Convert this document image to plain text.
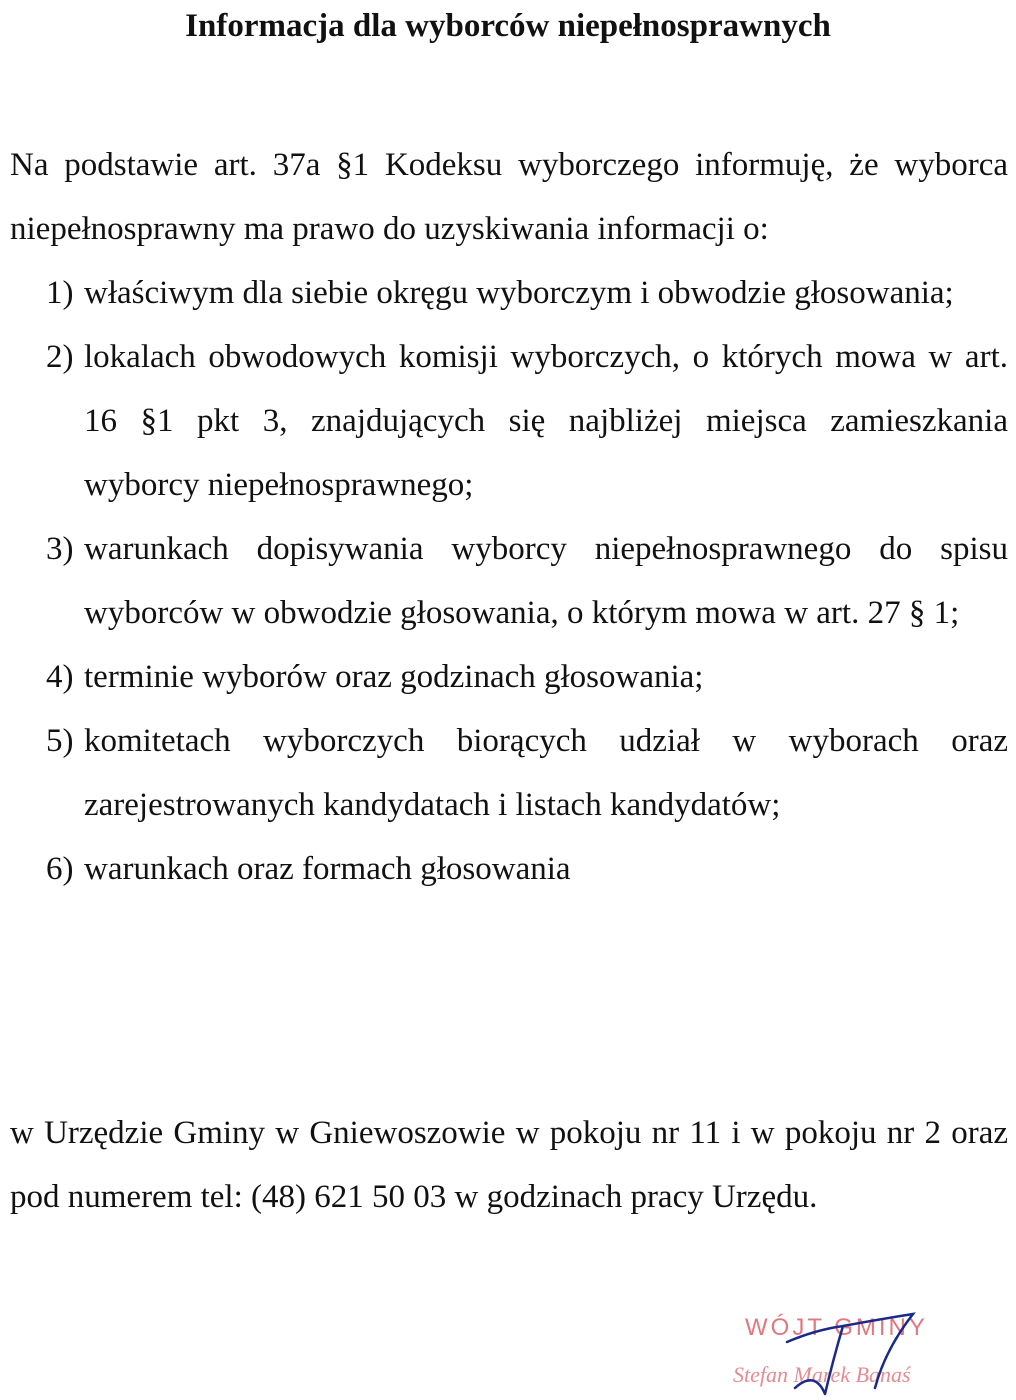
Informacja dla wyborców niepełnosprawnych

Na podstawie art. 37a §1 Kodeksu wyborczego informuję, że wyborca niepełnosprawny ma prawo do uzyskiwania informacji o:

1) właściwym dla siebie okręgu wyborczym i obwodzie głosowania;
2) lokalach obwodowych komisji wyborczych, o których mowa w art. 16 §1 pkt 3, znajdujących się najbliżej miejsca zamieszkania wyborcy niepełnosprawnego;
3) warunkach dopisywania wyborcy niepełnosprawnego do spisu wyborców w obwodzie głosowania, o którym mowa w art. 27 § 1;
4) terminie wyborów oraz godzinach głosowania;
5) komitetach wyborczych biorących udział w wyborach oraz zarejestrowanych kandydatach i listach kandydatów;
6) warunkach oraz formach głosowania

w Urzędzie Gminy w Gniewoszowie w pokoju nr 11 i w pokoju nr 2 oraz pod numerem tel: (48) 621 50 03 w godzinach pracy Urzędu.

WÓJT GMINY
Stefan Marek Banaś
